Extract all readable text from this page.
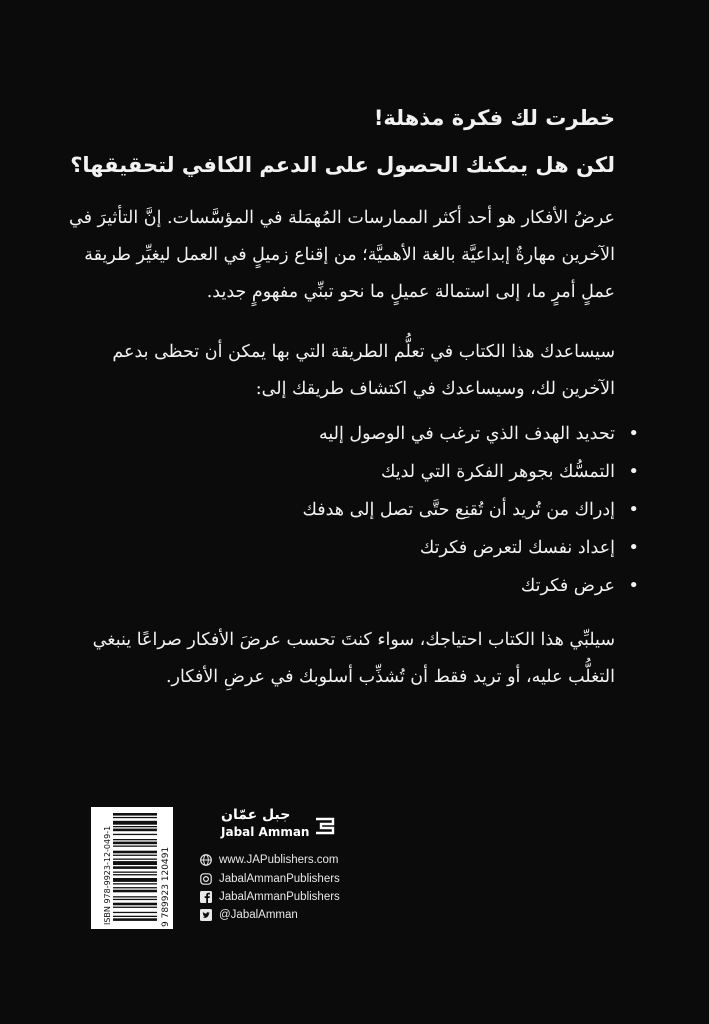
خطرت لك فكرة مذهلة!
لكن هل يمكنك الحصول على الدعم الكافي لتحقيقها؟

عرضُ الأفكار هو أحد أكثر الممارسات المُهمَلة في المؤسَّسات. إنَّ التأثيرَ في الآخرين مهارةٌ إبداعيَّة بالغة الأهميَّة؛ من إقناع زميلٍ في العمل ليغيِّر طريقة عملٍ أمرٍ ما، إلى استمالة عميلٍ ما نحو تبنِّي مفهومٍ جديد.

سيساعدك هذا الكتاب في تعلُّم الطريقة التي بها يمكن أن تحظى بدعم الآخرين لك، وسيساعدك في اكتشاف طريقك إلى:

•
تحديد الهدف الذي ترغب في الوصول إليه
•
التمسُّك بجوهر الفكرة التي لديك
•
إدراك من تُريد أن تُقنِع حتَّى تصل إلى هدفك
•
إعداد نفسك لتعرض فكرتك
•
عرض فكرتك

سيلبِّي هذا الكتاب احتياجك، سواء كنتَ تحسب عرضَ الأفكار صراعًا ينبغي التغلُّب عليه، أو تريد فقط أن تُشذِّب أسلوبك في عرضِ الأفكار.

ISBN 978-9923-12-049-1	9 789923 120491
جبل عمّان
Jabal Amman
www.JAPublishers.com
JabalAmmanPublishers
JabalAmmanPublishers
@JabalAmman
